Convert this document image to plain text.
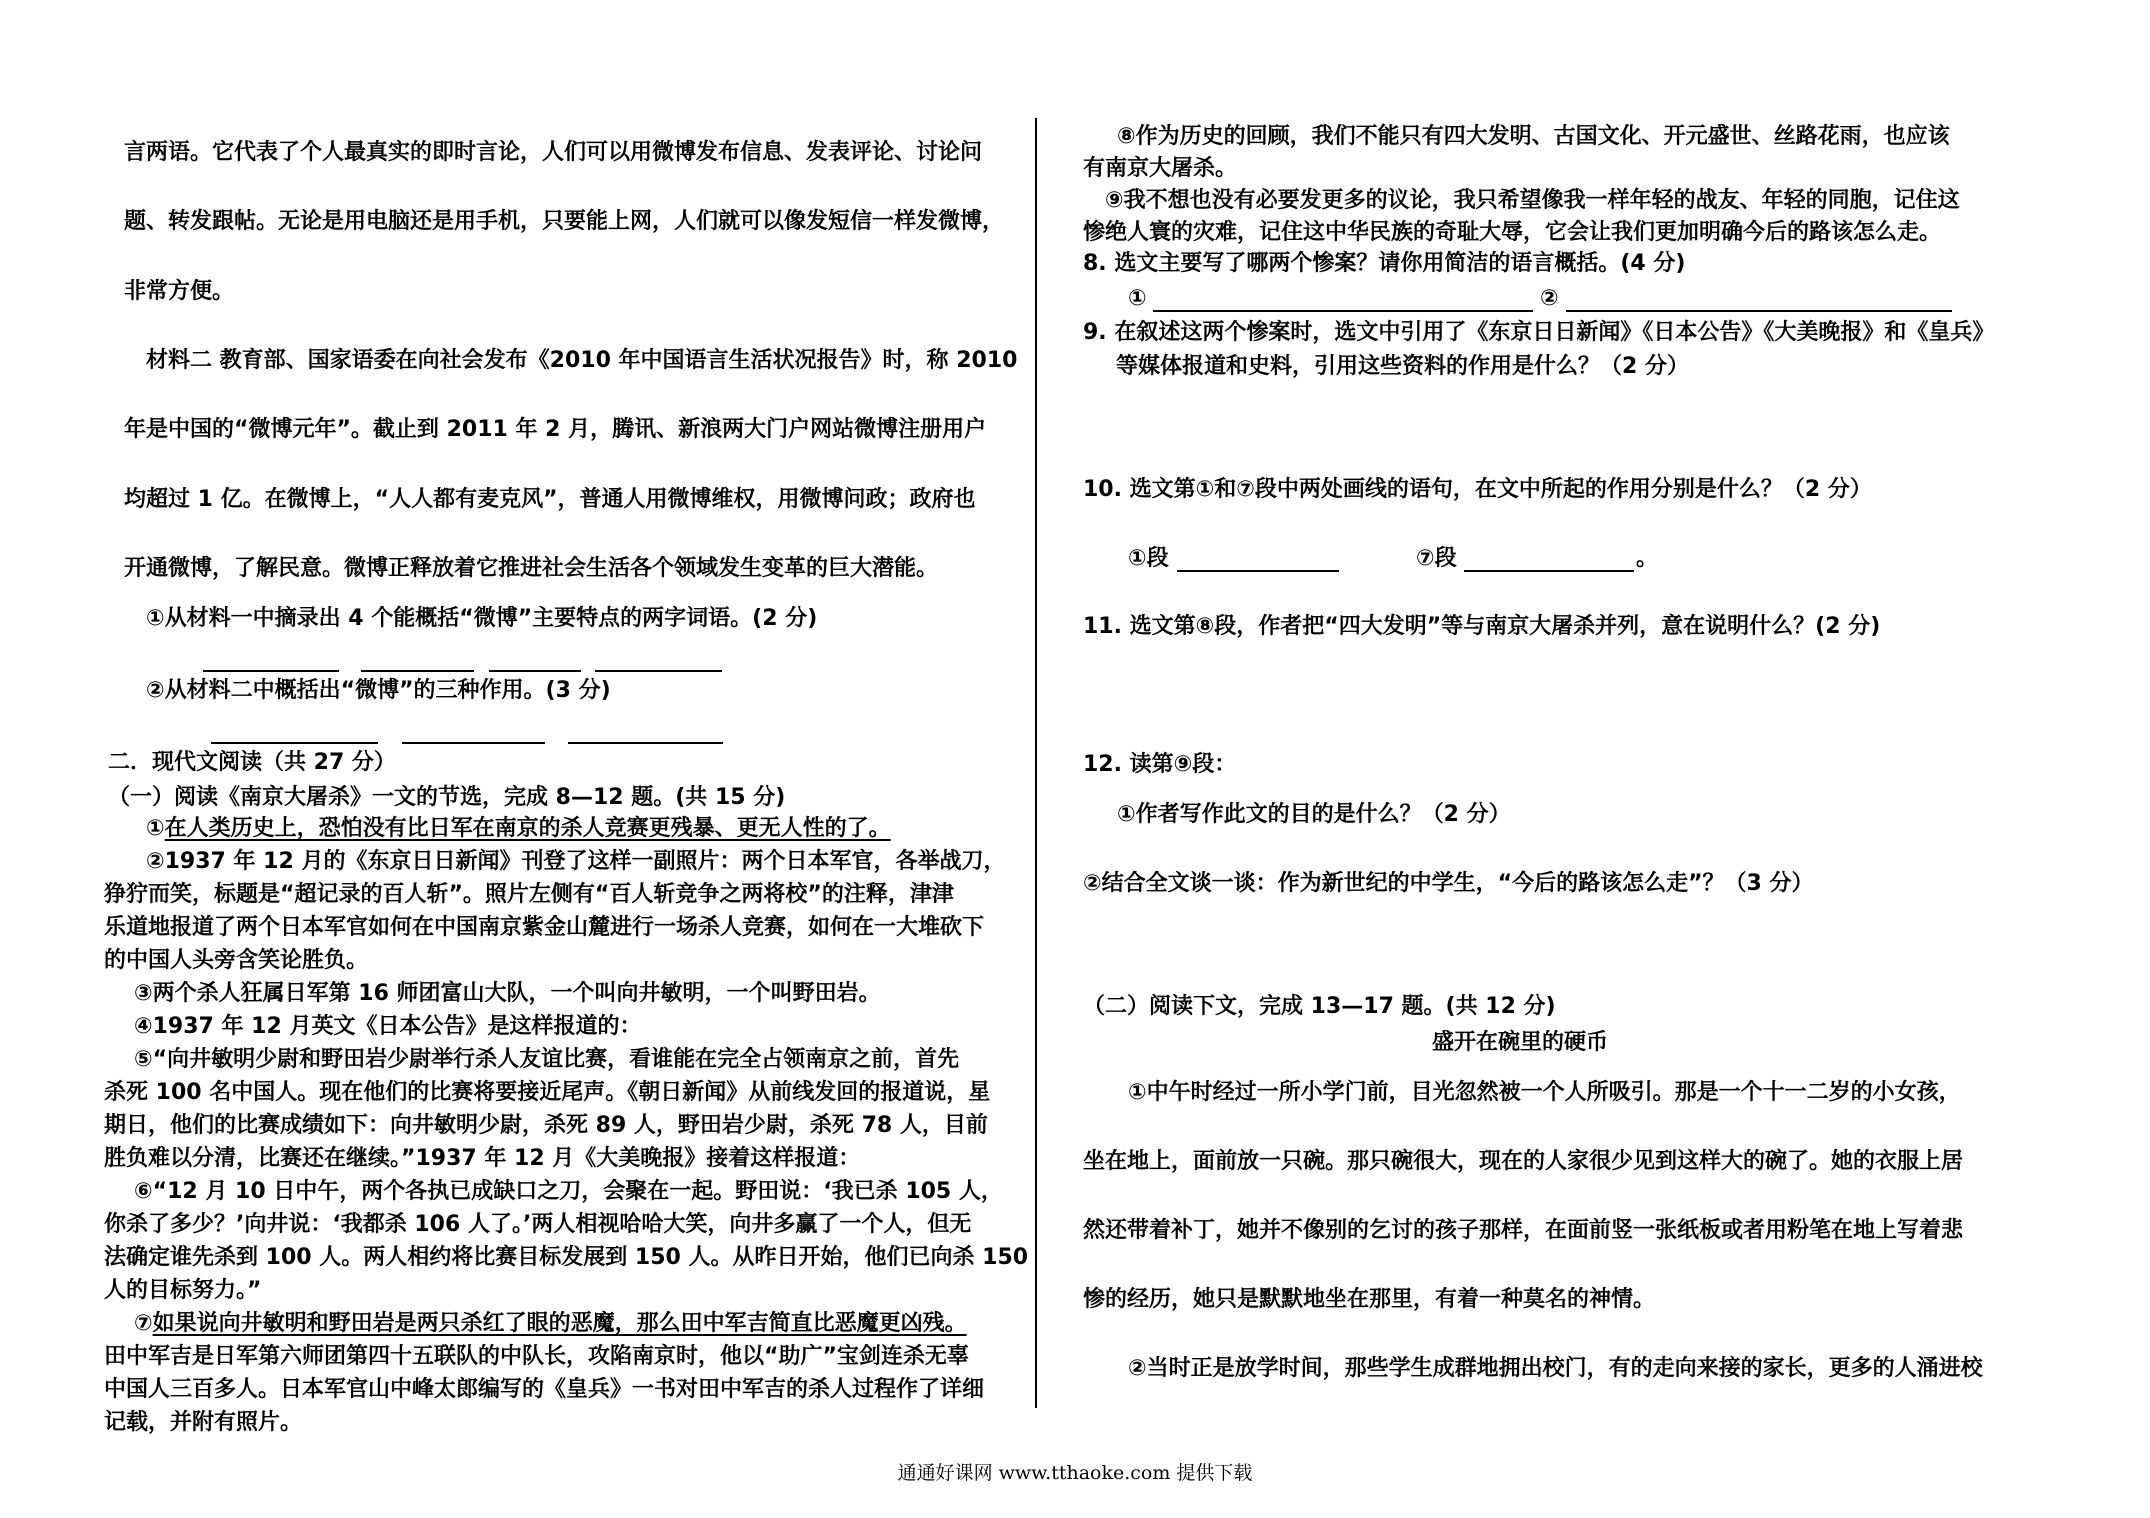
言两语。它代表了个人最真实的即时言论，人们可以用微博发布信息、发表评论、讨论问
题、转发跟帖。无论是用电脑还是用手机，只要能上网，人们就可以像发短信一样发微博，
非常方便。
材料二 教育部、国家语委在向社会发布《2010 年中国语言生活状况报告》时，称 2010
年是中国的“微博元年”。截止到 2011 年 2 月，腾讯、新浪两大门户网站微博注册用户
均超过 1 亿。在微博上，“人人都有麦克风”，普通人用微博维权，用微博问政；政府也
开通微博，了解民意。微博正释放着它推进社会生活各个领域发生变革的巨大潜能。
①从材料一中摘录出 4 个能概括“微博”主要特点的两字词语。(2 分)
②从材料二中概括出“微博”的三种作用。(3 分)
二．现代文阅读（共 27 分）
（一）阅读《南京大屠杀》一文的节选，完成 8—12 题。(共 15 分)
①在人类历史上，恐怕没有比日军在南京的杀人竞赛更残暴、更无人性的了。
②1937 年 12 月的《东京日日新闻》刊登了这样一副照片：两个日本军官，各举战刀，
狰狞而笑，标题是“超记录的百人斩”。照片左侧有“百人斩竞争之两将校”的注释，津津
乐道地报道了两个日本军官如何在中国南京紫金山麓进行一场杀人竞赛，如何在一大堆砍下
的中国人头旁含笑论胜负。
③两个杀人狂属日军第 16 师团富山大队，一个叫向井敏明，一个叫野田岩。
④1937 年 12 月英文《日本公告》是这样报道的：
⑤“向井敏明少尉和野田岩少尉举行杀人友谊比赛，看谁能在完全占领南京之前，首先
杀死 100 名中国人。现在他们的比赛将要接近尾声。《朝日新闻》从前线发回的报道说，星
期日，他们的比赛成绩如下：向井敏明少尉，杀死 89 人，野田岩少尉，杀死 78 人，目前
胜负难以分清，比赛还在继续。”1937 年 12 月《大美晚报》接着这样报道：
⑥“12 月 10 日中午，两个各执已成缺口之刀，会聚在一起。野田说：‘我已杀 105 人，
你杀了多少？’向井说：‘我都杀 106 人了。’两人相视哈哈大笑，向井多赢了一个人，但无
法确定谁先杀到 100 人。两人相约将比赛目标发展到 150 人。从昨日开始，他们已向杀 150
人的目标努力。”
⑦如果说向井敏明和野田岩是两只杀红了眼的恶魔，那么田中军吉简直比恶魔更凶残。
田中军吉是日军第六师团第四十五联队的中队长，攻陷南京时，他以“助广”宝剑连杀无辜
中国人三百多人。日本军官山中峰太郎编写的《皇兵》一书对田中军吉的杀人过程作了详细
记载，并附有照片。
⑧作为历史的回顾，我们不能只有四大发明、古国文化、开元盛世、丝路花雨，也应该
有南京大屠杀。
⑨我不想也没有必要发更多的议论，我只希望像我一样年轻的战友、年轻的同胞，记住这
惨绝人寰的灾难，记住这中华民族的奇耻大辱，它会让我们更加明确今后的路该怎么走。
8. 选文主要写了哪两个惨案？请你用简洁的语言概括。(4 分)
①	②
9. 在叙述这两个惨案时，选文中引用了《东京日日新闻》《日本公告》《大美晚报》和《皇兵》
等媒体报道和史料，引用这些资料的作用是什么？（2 分）
10. 选文第①和⑦段中两处画线的语句，在文中所起的作用分别是什么？（2 分）
①段	⑦段	。
11. 选文第⑧段，作者把“四大发明”等与南京大屠杀并列，意在说明什么？(2 分)
12. 读第⑨段：
①作者写作此文的目的是什么？（2 分）
②结合全文谈一谈：作为新世纪的中学生，“今后的路该怎么走”？（3 分）
（二）阅读下文，完成 13—17 题。(共 12 分)
盛开在碗里的硬币
①中午时经过一所小学门前，目光忽然被一个人所吸引。那是一个十一二岁的小女孩，
坐在地上，面前放一只碗。那只碗很大，现在的人家很少见到这样大的碗了。她的衣服上居
然还带着补丁，她并不像别的乞讨的孩子那样，在面前竖一张纸板或者用粉笔在地上写着悲
惨的经历，她只是默默地坐在那里，有着一种莫名的神情。
②当时正是放学时间，那些学生成群地拥出校门，有的走向来接的家长，更多的人涌进校
通通好课网 www.tthaoke.com 提供下载
